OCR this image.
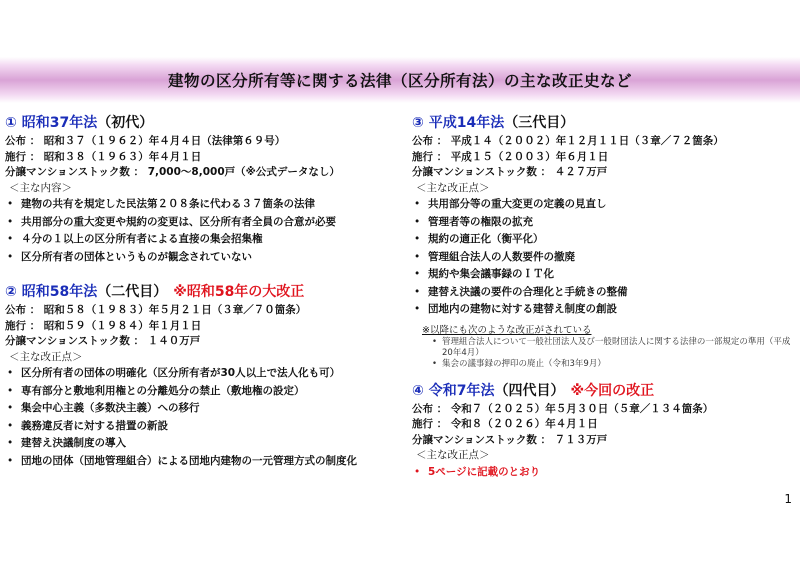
建物の区分所有等に関する法律（区分所有法）の主な改正史など
① 昭和37年法（初代）
公布 ： 昭和３７（１９６２）年４月４日（法律第６９号）
施行 ： 昭和３８（１９６３）年４月１日
分譲マンションストック数 ： 7,000～8,000戸（※公式データなし）
＜主な内容＞
• 建物の共有を規定した民法第２０８条に代わる３７箇条の法律
• 共用部分の重大変更や規約の変更は、区分所有者全員の合意が必要
• ４分の１以上の区分所有者による直接の集会招集権
• 区分所有者の団体というものが観念されていない
② 昭和58年法（二代目） ※昭和58年の大改正
公布 ： 昭和５８（１９８３）年５月２１日（３章／７０箇条）
施行 ： 昭和５９（１９８４）年１月１日
分譲マンションストック数 ： １４０万戸
＜主な改正点＞
• 区分所有者の団体の明確化（区分所有者が30人以上で法人化も可）
• 専有部分と敷地利用権との分離処分の禁止（敷地権の設定）
• 集会中心主義（多数決主義）への移行
• 義務違反者に対する措置の新設
• 建替え決議制度の導入
• 団地の団体（団地管理組合）による団地内建物の一元管理方式の制度化
③ 平成14年法（三代目）
公布 ： 平成１４（２００２）年１２月１１日（３章／７２箇条）
施行 ： 平成１５（２００３）年６月１日
分譲マンションストック数 ： ４２７万戸
＜主な改正点＞
• 共用部分等の重大変更の定義の見直し
• 管理者等の権限の拡充
• 規約の適正化（衡平化）
• 管理組合法人の人数要件の撤廃
• 規約や集会議事録のＩＴ化
• 建替え決議の要件の合理化と手続きの整備
• 団地内の建物に対する建替え制度の創設
※以降にも次のような改正がされている
• 管理組合法人について一般社団法人及び一般財団法人に関する法律の一部規定の準用（平成20年4月）
• 集会の議事録の押印の廃止（令和3年9月）
④ 令和7年法（四代目） ※今回の改正
公布 ： 令和７（２０２５）年５月３０日（５章／１３４箇条）
施行 ： 令和８（２０２６）年４月１日
分譲マンションストック数 ： ７１３万戸
＜主な改正点＞
• 5ページに記載のとおり
1
